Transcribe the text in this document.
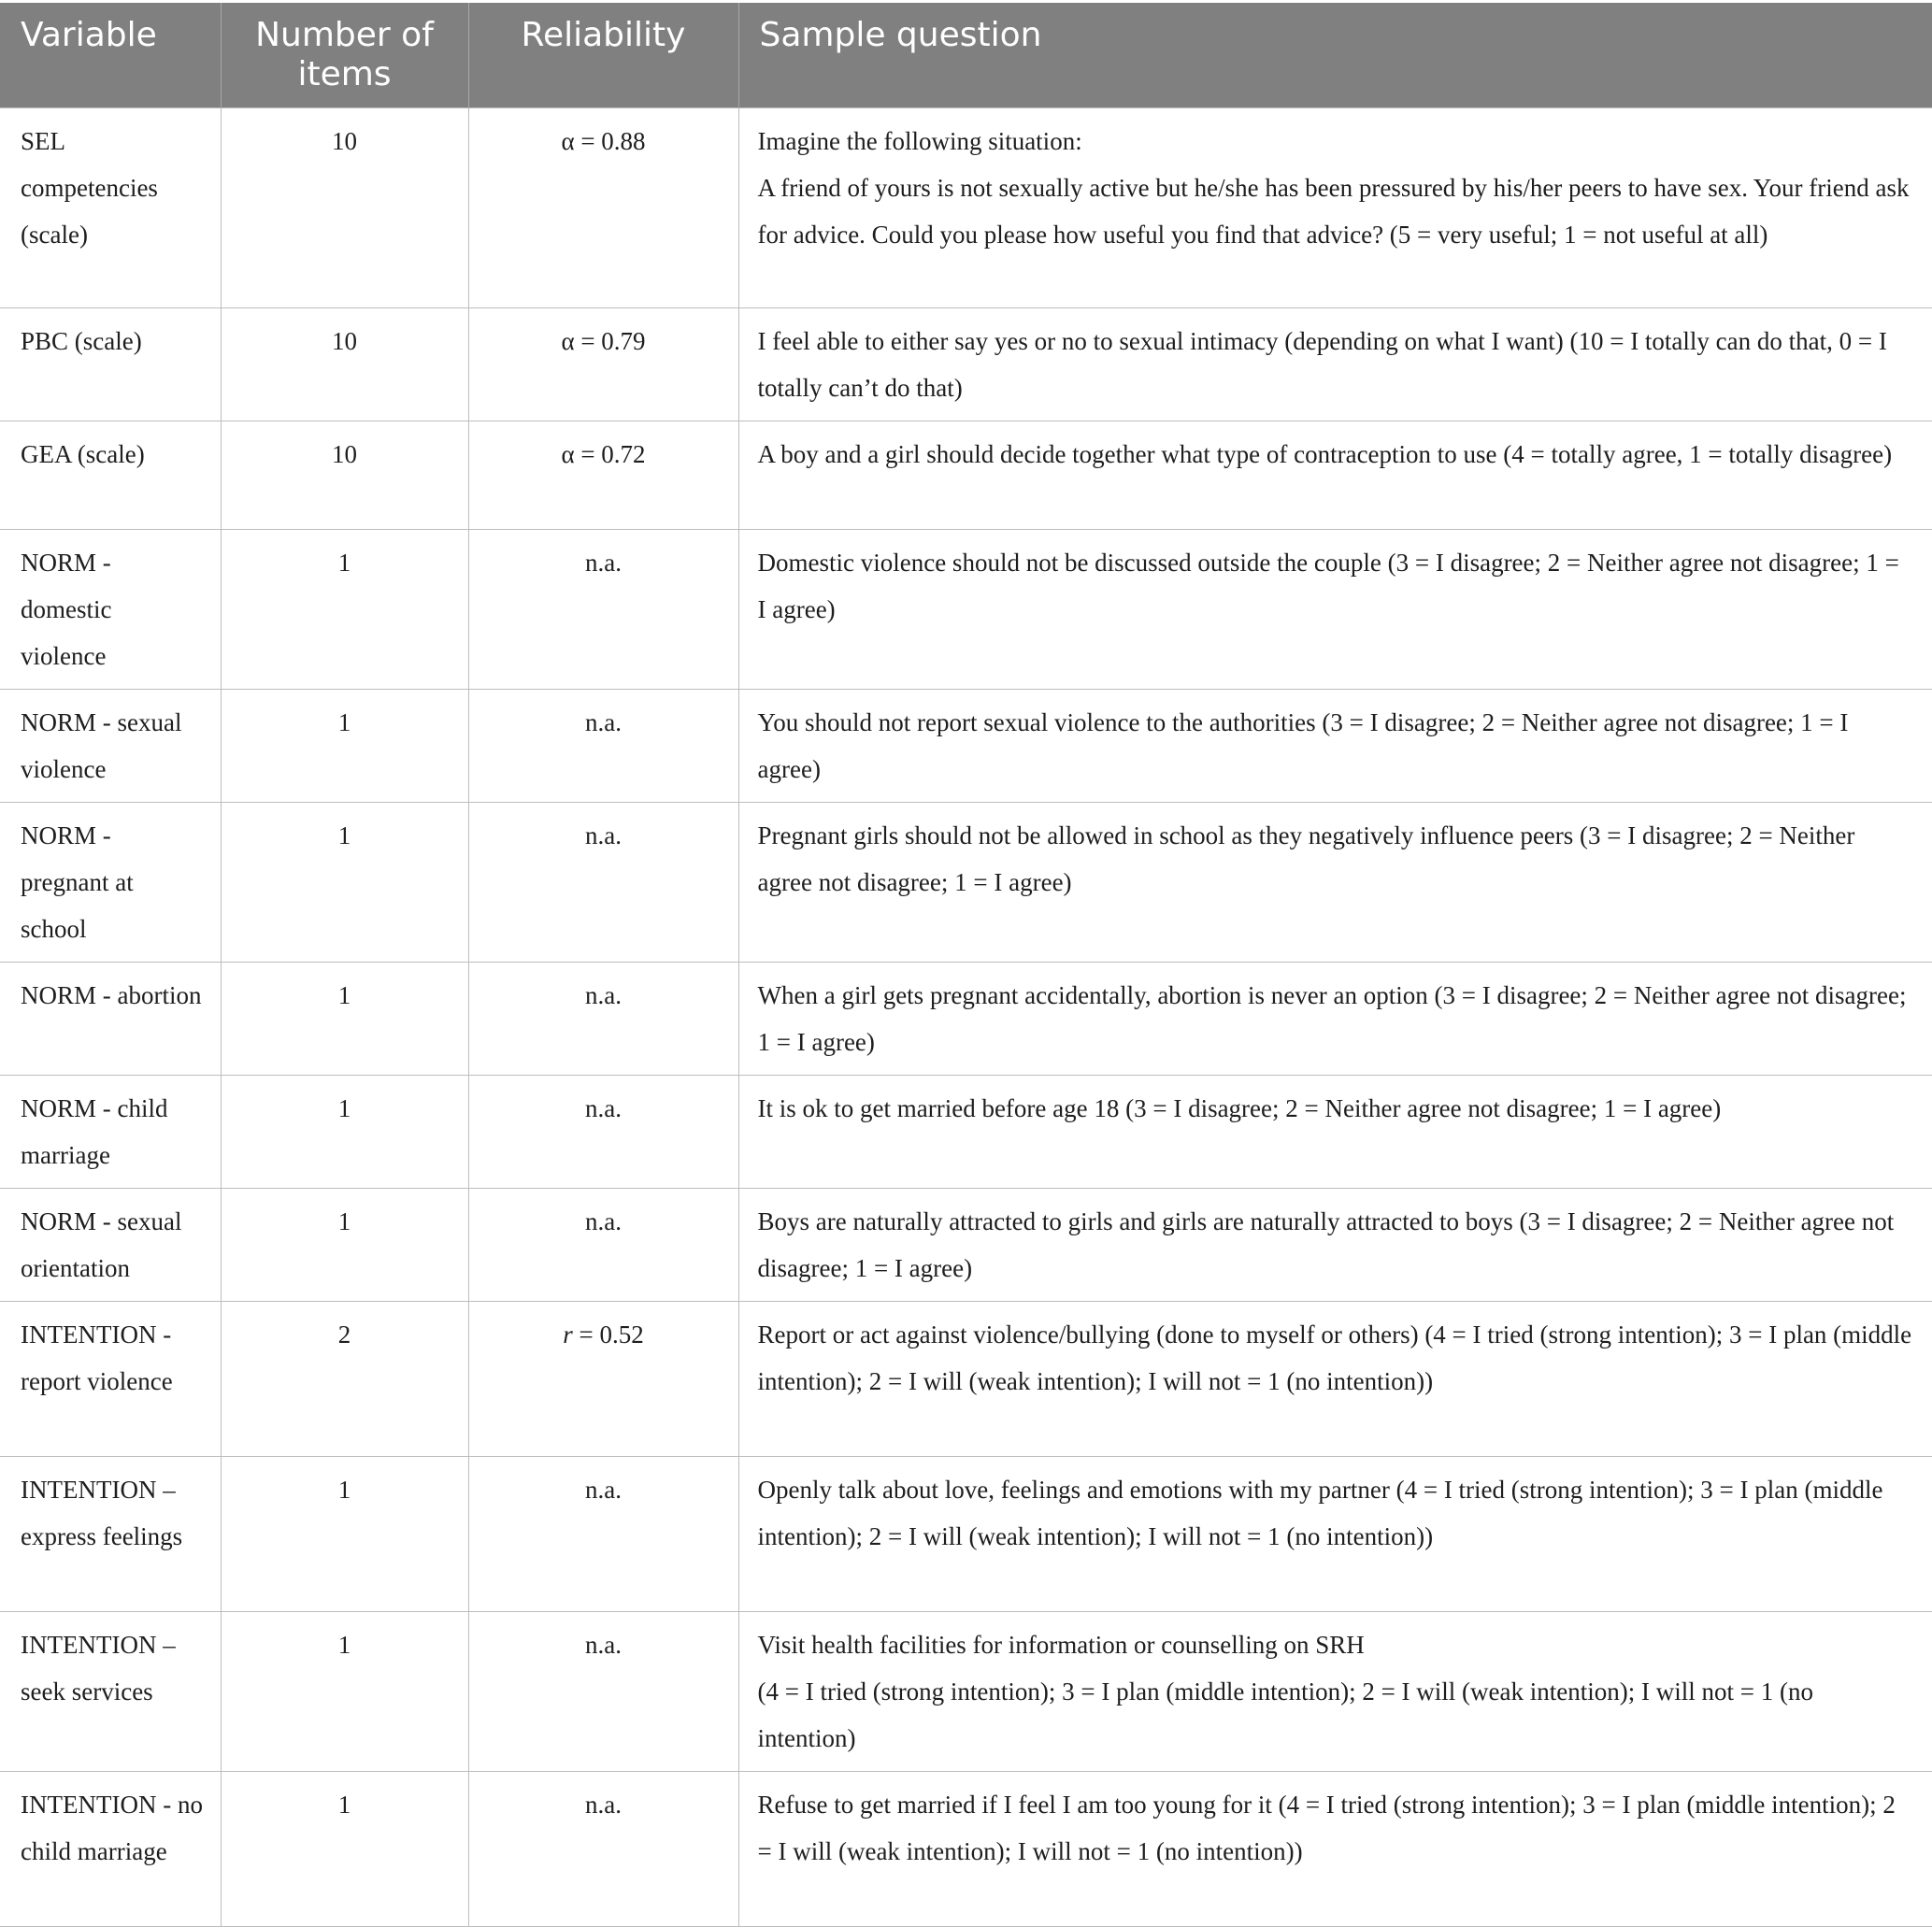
Variable	Number of items	Reliability	Sample question
SEL competencies (scale)	10	α = 0.88	Imagine the following situation:
A friend of yours is not sexually active but he/she has been pressured by his/her peers to have sex. Your friend ask for advice. Could you please how useful you find that advice? (5 = very useful; 1 = not useful at all)

PBC (scale)	10	α = 0.79	I feel able to either say yes or no to sexual intimacy (depending on what I want) (10 = I totally can do that, 0 = I totally can’t do that)

GEA (scale)	10	α = 0.72	A boy and a girl should decide together what type of contraception to use (4 = totally agree, 1 = totally disagree)

NORM - domestic violence	1	n.a.	Domestic violence should not be discussed outside the couple (3 = I disagree; 2 = Neither agree not disagree; 1 = I agree)

NORM - sexual violence	1	n.a.	You should not report sexual violence to the authorities (3 = I disagree; 2 = Neither agree not disagree; 1 = I agree)

NORM - pregnant at school	1	n.a.	Pregnant girls should not be allowed in school as they negatively influence peers (3 = I disagree; 2 = Neither agree not disagree; 1 = I agree)

NORM - abortion	1	n.a.	When a girl gets pregnant accidentally, abortion is never an option (3 = I disagree; 2 = Neither agree not disagree; 1 = I agree)

NORM - child marriage	1	n.a.	It is ok to get married before age 18 (3 = I disagree; 2 = Neither agree not disagree; 1 = I agree)

NORM - sexual orientation	1	n.a.	Boys are naturally attracted to girls and girls are naturally attracted to boys (3 = I disagree; 2 = Neither agree not disagree; 1 = I agree)

INTENTION - report violence	2	r = 0.52	Report or act against violence/bullying (done to myself or others) (4 = I tried (strong intention); 3 = I plan (middle intention); 2 = I will (weak intention); I will not = 1 (no intention))

INTENTION – express feelings	1	n.a.	Openly talk about love, feelings and emotions with my partner (4 = I tried (strong intention); 3 = I plan (middle intention); 2 = I will (weak intention); I will not = 1 (no intention))

INTENTION – seek services	1	n.a.	Visit health facilities for information or counselling on SRH
(4 = I tried (strong intention); 3 = I plan (middle intention); 2 = I will (weak intention); I will not = 1 (no intention)

INTENTION - no child marriage	1	n.a.	Refuse to get married if I feel I am too young for it (4 = I tried (strong intention); 3 = I plan (middle intention); 2 = I will (weak intention); I will not = 1 (no intention))
